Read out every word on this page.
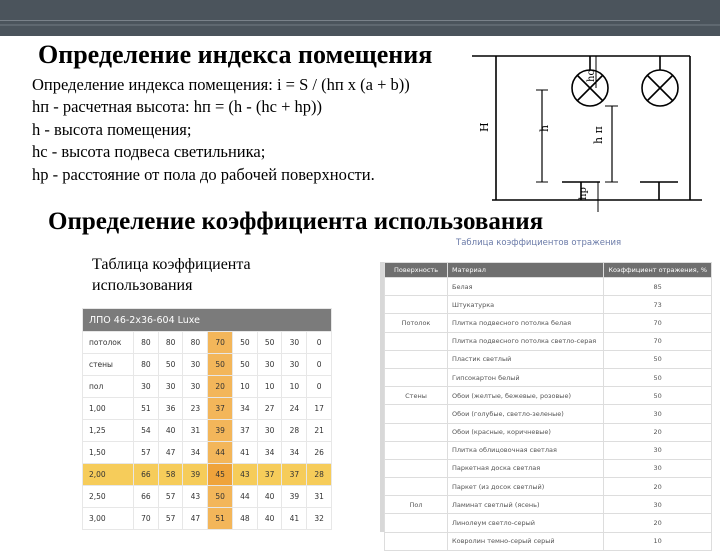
Определение индекса помещения
Определение индекса помещения: i = S / (hп x (a + b))
hп - расчетная высота: hп = (h - (hc + hp))
h - высота помещения;
hc - высота подвеса светильника;
hp - расстояние от пола до рабочей поверхности.
H	h	h п
hc
hр
Определение коэффициента использования
Таблица коэффициента
использования
ЛПО 46-2х36-604 Luxe								
потолок	80	80	80	70	50	50	30	0
стены	80	50	30	50	50	30	30	0
пол	30	30	30	20	10	10	10	0
1,00	51	36	23	37	34	27	24	17
1,25	54	40	31	39	37	30	28	21
1,50	57	47	34	44	41	34	34	26
2,00	66	58	39	45	43	37	37	28
2,50	66	57	43	50	44	40	39	31
3,00	70	57	47	51	48	40	41	32
Таблица коэффициентов отражения
Поверхность	Материал	Коэффициент отражения, %
	Белая	85
	Штукатурка	73
Потолок	Плитка подвесного потолка белая	70
	Плитка подвесного потолка светло-серая	70
	Пластик светлый	50
	Гипсокартон белый	50
Стены	Обои (желтые, бежевые, розовые)	50
	Обои (голубые, светло-зеленые)	30
	Обои (красные, коричневые)	20
	Плитка облицовочная светлая	30
	Паркетная доска светлая	30
	Паркет (из досок светлый)	20
Пол	Ламинат светлый (ясень)	30
	Линолеум светло-серый	20
	Ковролин темно-серый серый	10
